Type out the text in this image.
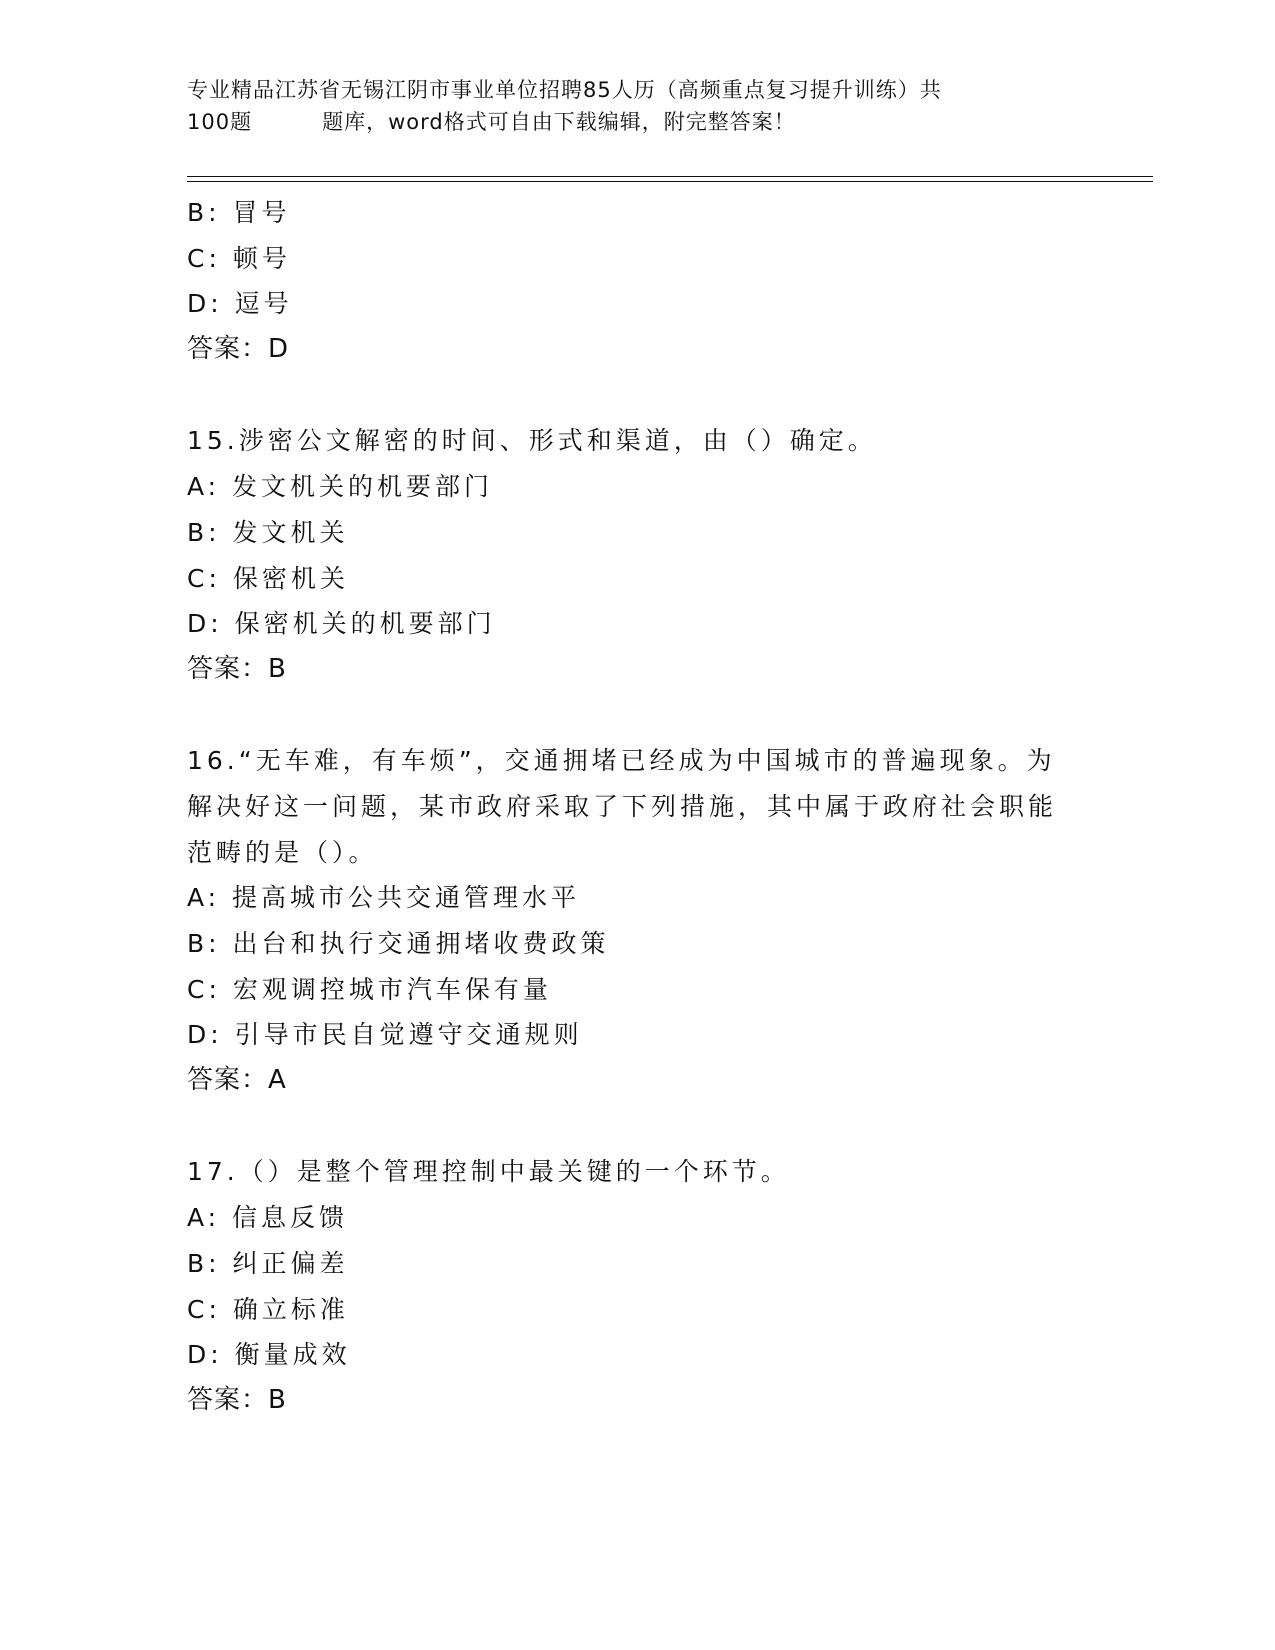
专业精品江苏省无锡江阴市事业单位招聘85人历（高频重点复习提升训练）共
100题	题库，word格式可自由下载编辑，附完整答案！
B: 冒号
C: 顿号
D: 逗号
答案：D
15.涉密公文解密的时间、形式和渠道，由（）确定。
A: 发文机关的机要部门
B: 发文机关
C: 保密机关
D: 保密机关的机要部门
答案：B
16.“无车难，有车烦”，交通拥堵已经成为中国城市的普遍现象。为
解决好这一问题，某市政府采取了下列措施，其中属于政府社会职能
范畴的是（）。
A: 提高城市公共交通管理水平
B: 出台和执行交通拥堵收费政策
C: 宏观调控城市汽车保有量
D: 引导市民自觉遵守交通规则
答案：A
17.（）是整个管理控制中最关键的一个环节。
A: 信息反馈
B: 纠正偏差
C: 确立标准
D: 衡量成效
答案：B
